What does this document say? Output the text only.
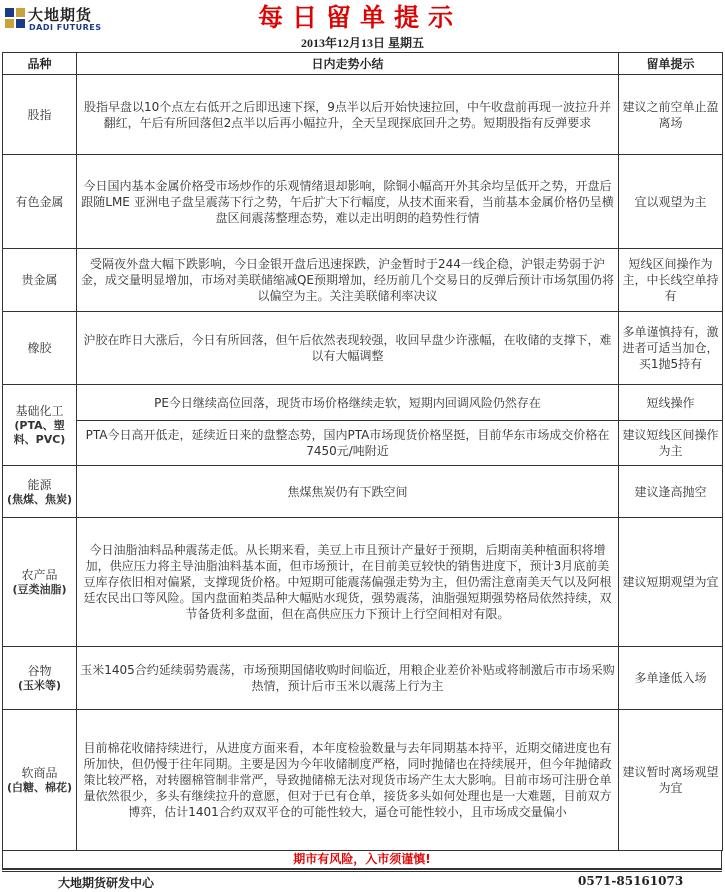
大地期货
DADI FUTURES	每日留单提示
2013年12月13日 星期五
品种	日内走势小结	留单提示
股指	股指早盘以10个点左右低开之后即迅速下探，9点半以后开始快速拉回，中午收盘前再现一波拉升并翻红，午后有所回落但2点半以后再小幅拉升，全天呈现探底回升之势。短期股指有反弹要求	建议之前空单止盈离场
有色金属	今日国内基本金属价格受市场炒作的乐观情绪退却影响，除铜小幅高开外其余均呈低开之势，开盘后跟随LME 亚洲电子盘呈震荡下行之势，午后扩大下行幅度，从技术面来看，当前基本金属价格仍呈横盘区间震荡整理态势，难以走出明朗的趋势性行情	宜以观望为主
贵金属	受隔夜外盘大幅下跌影响，今日金银开盘后迅速探跌，沪金暂时于244一线企稳，沪银走势弱于沪金，成交量明显增加，市场对美联储缩减QE预期增加，经历前几个交易日的反弹后预计市场氛围仍将以偏空为主。关注美联储利率决议	短线区间操作为主，中长线空单持有
橡胶	沪胶在昨日大涨后，今日有所回落，但午后依然表现较强，收回早盘少许涨幅，在收储的支撑下，难以有大幅调整	多单谨慎持有，激进者可适当加仓，买1抛5持有
基础化工
(PTA、塑料、PVC)	PE今日继续高位回落，现货市场价格继续走软，短期内回调风险仍然存在	短线操作
	PTA今日高开低走，延续近日来的盘整态势，国内PTA市场现货价格坚挺，目前华东市场成交价格在7450元/吨附近	建议短线区间操作为主
能源
(焦煤、焦炭)	焦煤焦炭仍有下跌空间	建议逢高抛空
农产品
(豆类油脂)	今日油脂油料品种震荡走低。从长期来看，美豆上市且预计产量好于预期，后期南美种植面积将增加，供应压力将主导油脂油料基本面，但市场预计，在目前美豆较快的销售进度下，预计3月底前美豆库存依旧相对偏紧，支撑现货价格。中短期可能震荡偏强走势为主，但仍需注意南美天气以及阿根廷农民出口等风险。国内盘面粕类品种大幅贴水现货，强势震荡，油脂强短期强势格局依然持续，双节备货利多盘面，但在高供应压力下预计上行空间相对有限。	建议短期观望为宜
谷物
(玉米等)	玉米1405合约延续弱势震荡，市场预期国储收购时间临近，用粮企业差价补贴或将制激后市市场采购热情，预计后市玉米以震荡上行为主	多单逢低入场
软商品
(白糖、棉花)	目前棉花收储持续进行，从进度方面来看，本年度检验数量与去年同期基本持平，近期交储进度也有所加快，但仍慢于往年同期。主要是因为今年收储制度严格，同时抛储也在持续展开，但今年抛储政策比较严格，对转圈棉管制非常严，导致抛储棉无法对现货市场产生太大影响。目前市场可注册仓单量依然很少，多头有继续拉升的意愿，但对于已有仓单，接货多头如何处理也是一大难题，目前双方博弈，估计1401合约双双平仓的可能性较大，逼仓可能性较小，且市场成交量偏小	建议暂时离场观望为宜
期市有风险，入市须谨慎!
大地期货研发中心	0571-85161073
